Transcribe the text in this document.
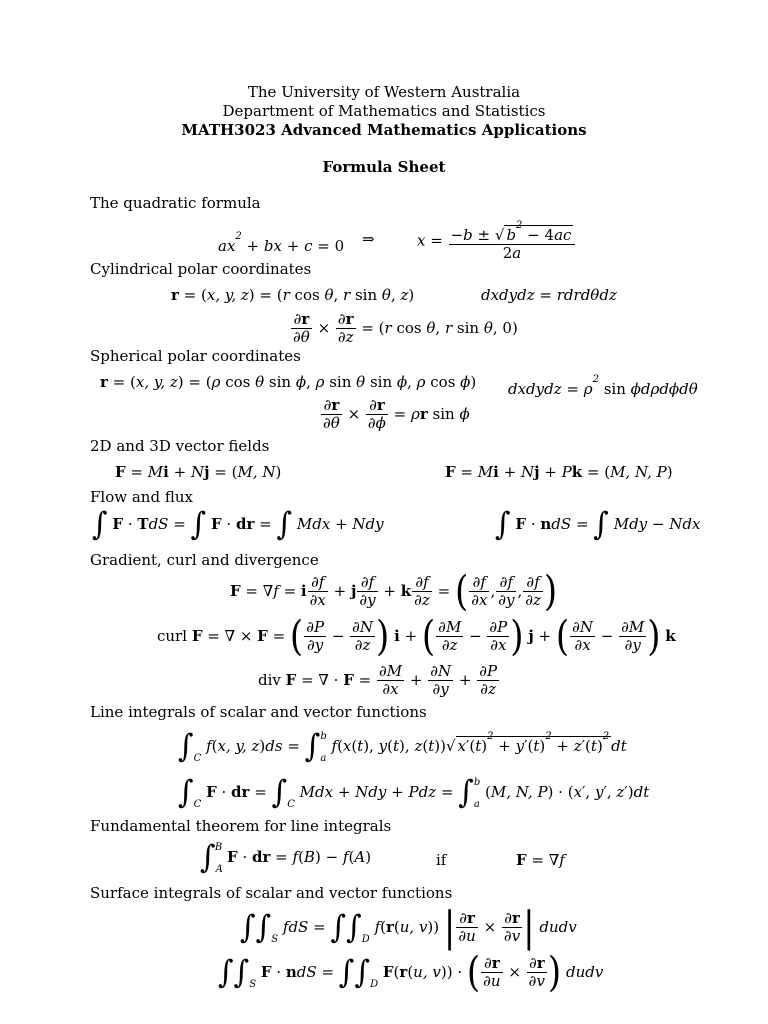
The University of Western Australia
Department of Mathematics and Statistics
MATH3023 Advanced Mathematics Applications
Formula Sheet
The quadratic formula
$ax^2$ + bx + c = 0 ⇒	$x = \frac{-b \pm √ b^2 - 4ac}{2a}$
Cylindrical polar coordinates
r = (x, y, z) = (r cos θ, r sin θ, z)	dxdydz = rdrdθdz
$\frac{\partial r}{\partial\theta} \times \frac{\partial r}{\partial z} = (r$ cos θ, r sin θ, 0)
Spherical polar coordinates
r = (x, y, z) = (ρ cos θ sin ϕ, ρ sin θ sin ϕ, ρ cos ϕ) dxdydz = $\rho^2$ sin ϕdρdϕdθ
$\frac{\partial r}{\partial\theta} \times \frac{\partial r}{\partial\phi} = \rho r$ sin ϕ
2D and 3D vector fields
F = Mi + Nj = (M, N)	F = Mi + Nj + Pk = (M, N, P)
Flow and flux
∫ F · TdS = ∫ F · dr = ∫ Mdx + Ndy	∫ F · ndS = ∫ Mdy − Ndx
Gradient, curl and divergence
F = ∇f = i $\frac{\partial f}{\partial x} + j \frac{\partial f}{\partial y} + k \frac{\partial f}{\partial z}$ = ( $\frac{\partial f}{\partial x}$ , $\frac{\partial f}{\partial y}$ , $\frac{\partial f}{\partial z}$ )
curl F = ∇ × F = ( $\frac{\partial P}{\partial y} - \frac{\partial N}{\partial z}$ ) i + ( $\frac{\partial M}{\partial z} - \frac{\partial P}{\partial x}$ ) j + ( $\frac{\partial N}{\partial x} - \frac{\partial M}{\partial y}$ ) k
div F = ∇ · $F = \frac{\partial M}{\partial x} + \frac{\partial N}{\partial y} + \frac{\partial P}{\partial z}$
Line integrals of scalar and vector functions
$\int_C$ f(x, y, $z)ds = \int_a^b$ f(x(t), y(t), z(t))√ $x'(t)^2 + y'(t)^2 + z'(t)^2dt$
$\int_C$ F · dr = $\int_C$ Mdx + Ndy + Pdz = $\int_a^b$ (M, N, P) · (x′, y′, z′)dt
Fundamental theorem for line integrals
$\int_A^B$ F · dr = f(B) − f(A)	if	F = ∇f
Surface integrals of scalar and vector functions
$\int\int_S$ fdS = $\int\int_D$ f(r(u, v)) | $\frac{\partial r}{\partial u} \times \frac{\partial r}{\partial v}$ | dudv
$\int\int_S$ F · ndS = $\int\int_D$ F(r(u, v)) · ( $\frac{\partial r}{\partial u} \times \frac{\partial r}{\partial v}$ ) dudv
